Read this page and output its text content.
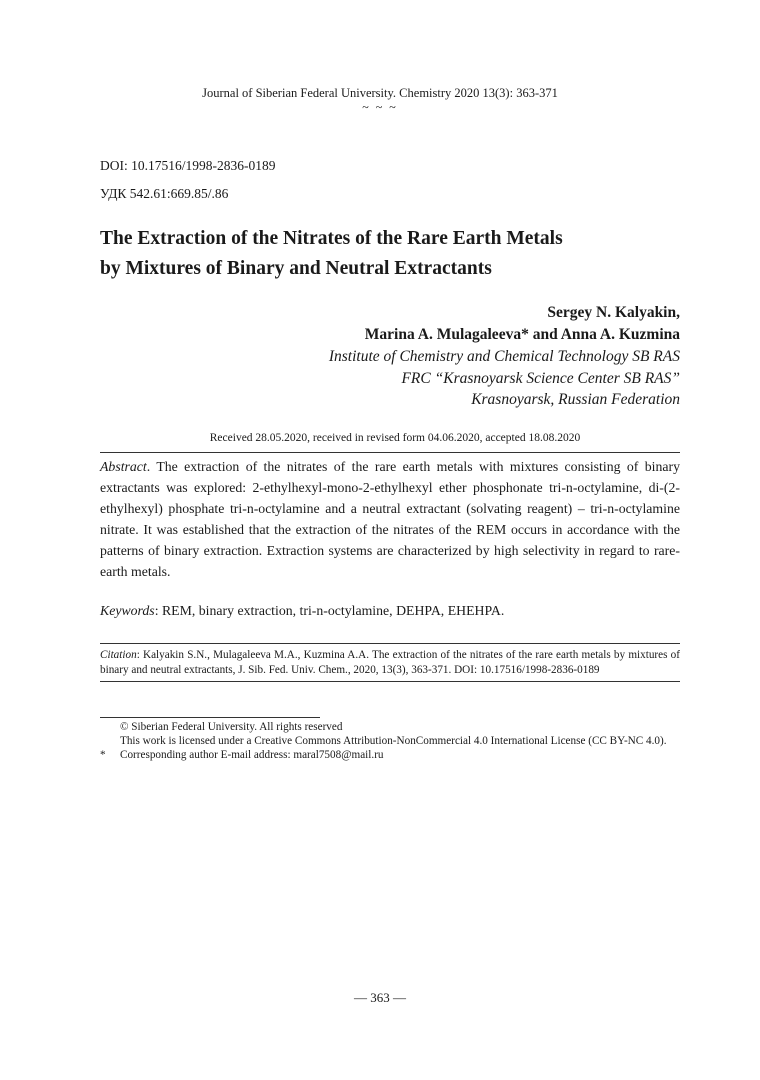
Journal of Siberian Federal University. Chemistry 2020 13(3): 363-371
~ ~ ~
DOI: 10.17516/1998-2836-0189
УДК 542.61:669.85/.86
The Extraction of the Nitrates of the Rare Earth Metals
by Mixtures of Binary and Neutral Extractants
Sergey N. Kalyakin,
Marina A. Mulagaleeva* and Anna A. Kuzmina
Institute of Chemistry and Chemical Technology SB RAS
FRC “Krasnoyarsk Science Center SB RAS”
Krasnoyarsk, Russian Federation
Received 28.05.2020, received in revised form 04.06.2020, accepted 18.08.2020
Abstract. The extraction of the nitrates of the rare earth metals with mixtures consisting of binary extractants was explored: 2-ethylhexyl-mono-2-ethylhexyl ether phosphonate tri-n-octylamine, di-(2-ethylhexyl) phosphate tri-n-octylamine and a neutral extractant (solvating reagent) – tri-n-octylamine nitrate. It was established that the extraction of the nitrates of the REM occurs in accordance with the patterns of binary extraction. Extraction systems are characterized by high selectivity in regard to rare-earth metals.
Keywords: REM, binary extraction, tri-n-octylamine, DEHPA, EHEHPA.
Citation: Kalyakin S.N., Mulagaleeva M.A., Kuzmina A.A. The extraction of the nitrates of the rare earth metals by mixtures of binary and neutral extractants, J. Sib. Fed. Univ. Chem., 2020, 13(3), 363-371. DOI: 10.17516/1998-2836-0189
© Siberian Federal University. All rights reserved
This work is licensed under a Creative Commons Attribution-NonCommercial 4.0 International License (CC BY-NC 4.0).
* Corresponding author E-mail address: maral7508@mail.ru
— 363 —
